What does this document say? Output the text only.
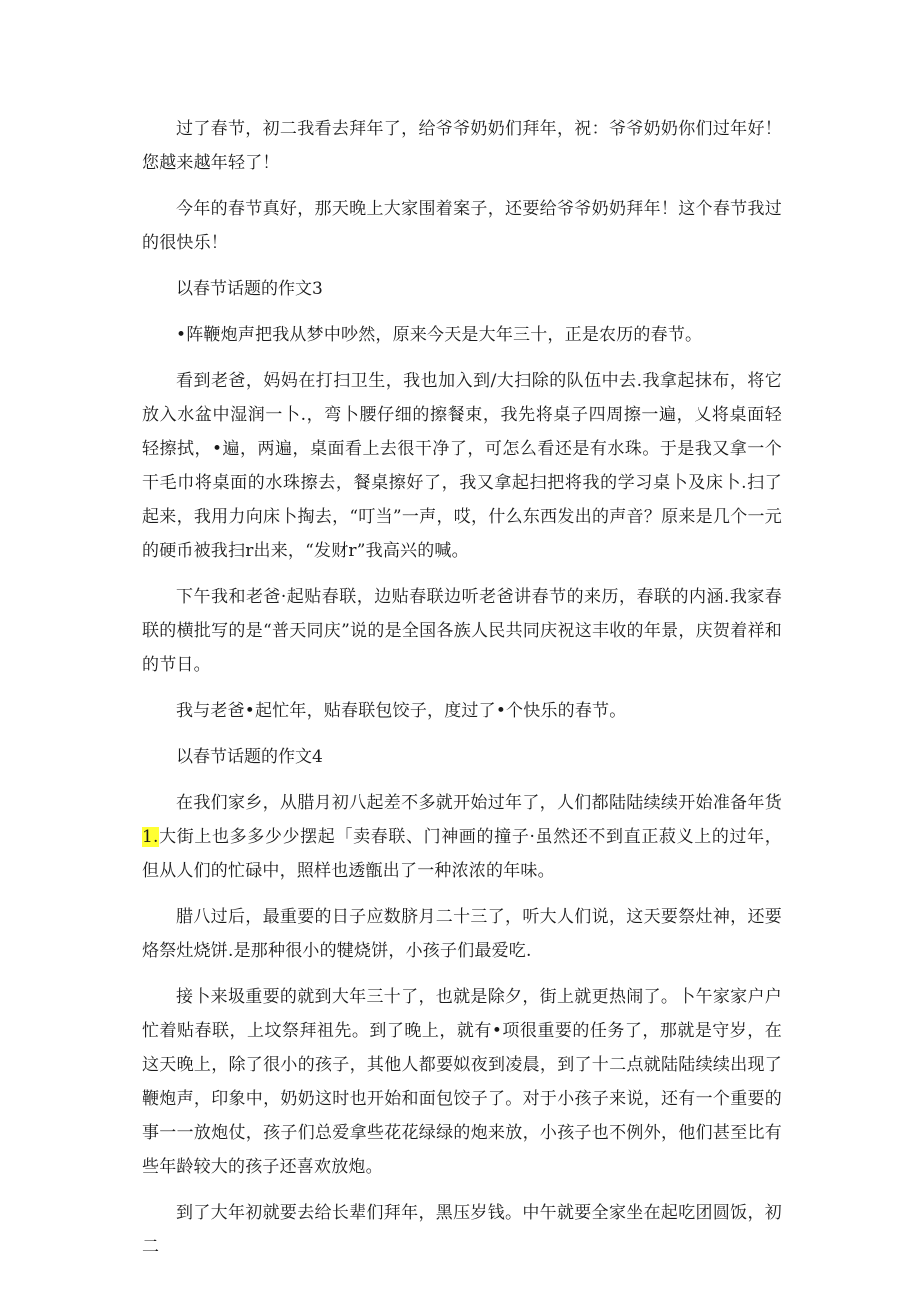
过了春节，初二我看去拜年了，给爷爷奶奶们拜年，祝：爷爷奶奶你们过年好！您越来越年轻了！

今年的春节真好，那天晚上大家围着案子，还要给爷爷奶奶拜年！这个春节我过的很快乐！

以春节话题的作文3

•阵鞭炮声把我从梦中吵然，原来今天是大年三十，正是农历的春节。

看到老爸，妈妈在打扫卫生，我也加入到/大扫除的队伍中去.我拿起抹布，将它放入水盆中湿润一卜.，弯卜腰仔细的擦餐束，我先将桌子四周擦一遍，乂将桌面轻轻擦拭，•遍，两遍，桌面看上去很干净了，可怎么看还是有水珠。于是我又拿一个干毛巾将桌面的水珠擦去，餐桌擦好了，我又拿起扫把将我的学习桌卜及床卜.扫了起来，我用力向床卜掏去，“叮当”一声，哎，什么东西发出的声音？原来是几个一元的硬币被我扫r出来，“发财r”我高兴的喊。

下午我和老爸·起贴春联，边贴春联边听老爸讲春节的来历，春联的内涵.我家春联的横批写的是“普天同庆”说的是全国各族人民共同庆祝这丰收的年景，庆贺着祥和的节日。

我与老爸•起忙年，贴春联包饺子，度过了•个快乐的春节。

以春节话题的作文4

在我们家乡，从腊月初八起差不多就开始过年了，人们都陆陆续续开始准备年货1.大街上也多多少少摆起「卖春联、门神画的撞子·虽然还不到直正菽义上的过年，但从人们的忙碌中，照样也透甑出了一种浓浓的年味。

腊八过后，最重要的日子应数脐月二十三了，听大人们说，这天要祭灶神，还要烙祭灶烧饼.是那种很小的犍烧饼，小孩子们最爱吃.

接卜来圾重要的就到大年三十了，也就是除夕，街上就更热闹了。卜午家家户户忙着贴春联，上坟祭拜祖先。到了晚上，就有•项很重要的任务了，那就是守岁，在这天晚上，除了很小的孩子，其他人都要姒夜到凌晨，到了十二点就陆陆续续出现了鞭炮声，印象中，奶奶这时也开始和面包饺子了。对于小孩子来说，还有一个重要的事一一放炮仗，孩子们总爱拿些花花绿绿的炮来放，小孩子也不例外，他们甚至比有些年龄较大的孩子还喜欢放炮。

到了大年初就要去给长辈们拜年，黑压岁钱。中午就要全家坐在起吃团圆饭，初二
